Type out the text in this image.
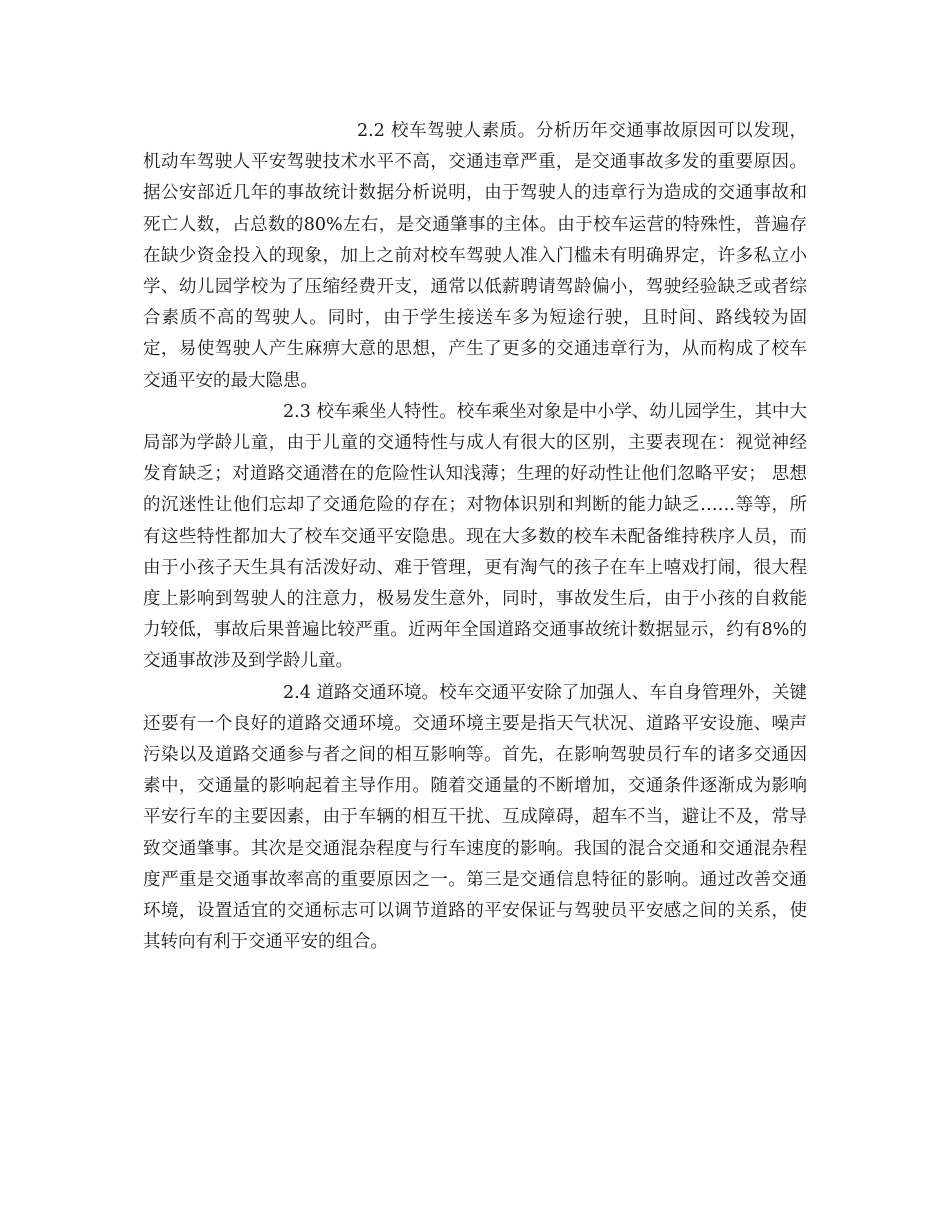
2.2 校车驾驶人素质。分析历年交通事故原因可以发现，机动车驾驶人平安驾驶技术水平不高，交通违章严重，是交通事故多发的重要原因。据公安部近几年的事故统计数据分析说明，由于驾驶人的违章行为造成的交通事故和死亡人数，占总数的80%左右，是交通肇事的主体。由于校车运营的特殊性，普遍存在缺少资金投入的现象，加上之前对校车驾驶人准入门槛未有明确界定，许多私立小学、幼儿园学校为了压缩经费开支，通常以低薪聘请驾龄偏小，驾驶经验缺乏或者综合素质不高的驾驶人。同时，由于学生接送车多为短途行驶，且时间、路线较为固定，易使驾驶人产生麻痹大意的思想，产生了更多的交通违章行为，从而构成了校车交通平安的最大隐患。

2.3 校车乘坐人特性。校车乘坐对象是中小学、幼儿园学生，其中大局部为学龄儿童，由于儿童的交通特性与成人有很大的区别，主要表现在：视觉神经发育缺乏；对道路交通潜在的危险性认知浅薄；生理的好动性让他们忽略平安； 思想的沉迷性让他们忘却了交通危险的存在；对物体识别和判断的能力缺乏……等等，所有这些特性都加大了校车交通平安隐患。现在大多数的校车未配备维持秩序人员，而由于小孩子天生具有活泼好动、难于管理，更有淘气的孩子在车上嘻戏打闹，很大程度上影响到驾驶人的注意力，极易发生意外，同时，事故发生后，由于小孩的自救能力较低，事故后果普遍比较严重。近两年全国道路交通事故统计数据显示，约有8%的交通事故涉及到学龄儿童。

2.4 道路交通环境。校车交通平安除了加强人、车自身管理外，关键还要有一个良好的道路交通环境。交通环境主要是指天气状况、道路平安设施、噪声污染以及道路交通参与者之间的相互影响等。首先，在影响驾驶员行车的诸多交通因素中，交通量的影响起着主导作用。随着交通量的不断增加，交通条件逐渐成为影响平安行车的主要因素，由于车辆的相互干扰、互成障碍，超车不当，避让不及，常导致交通肇事。其次是交通混杂程度与行车速度的影响。我国的混合交通和交通混杂程度严重是交通事故率高的重要原因之一。第三是交通信息特征的影响。通过改善交通环境，设置适宜的交通标志可以调节道路的平安保证与驾驶员平安感之间的关系，使其转向有利于交通平安的组合。
